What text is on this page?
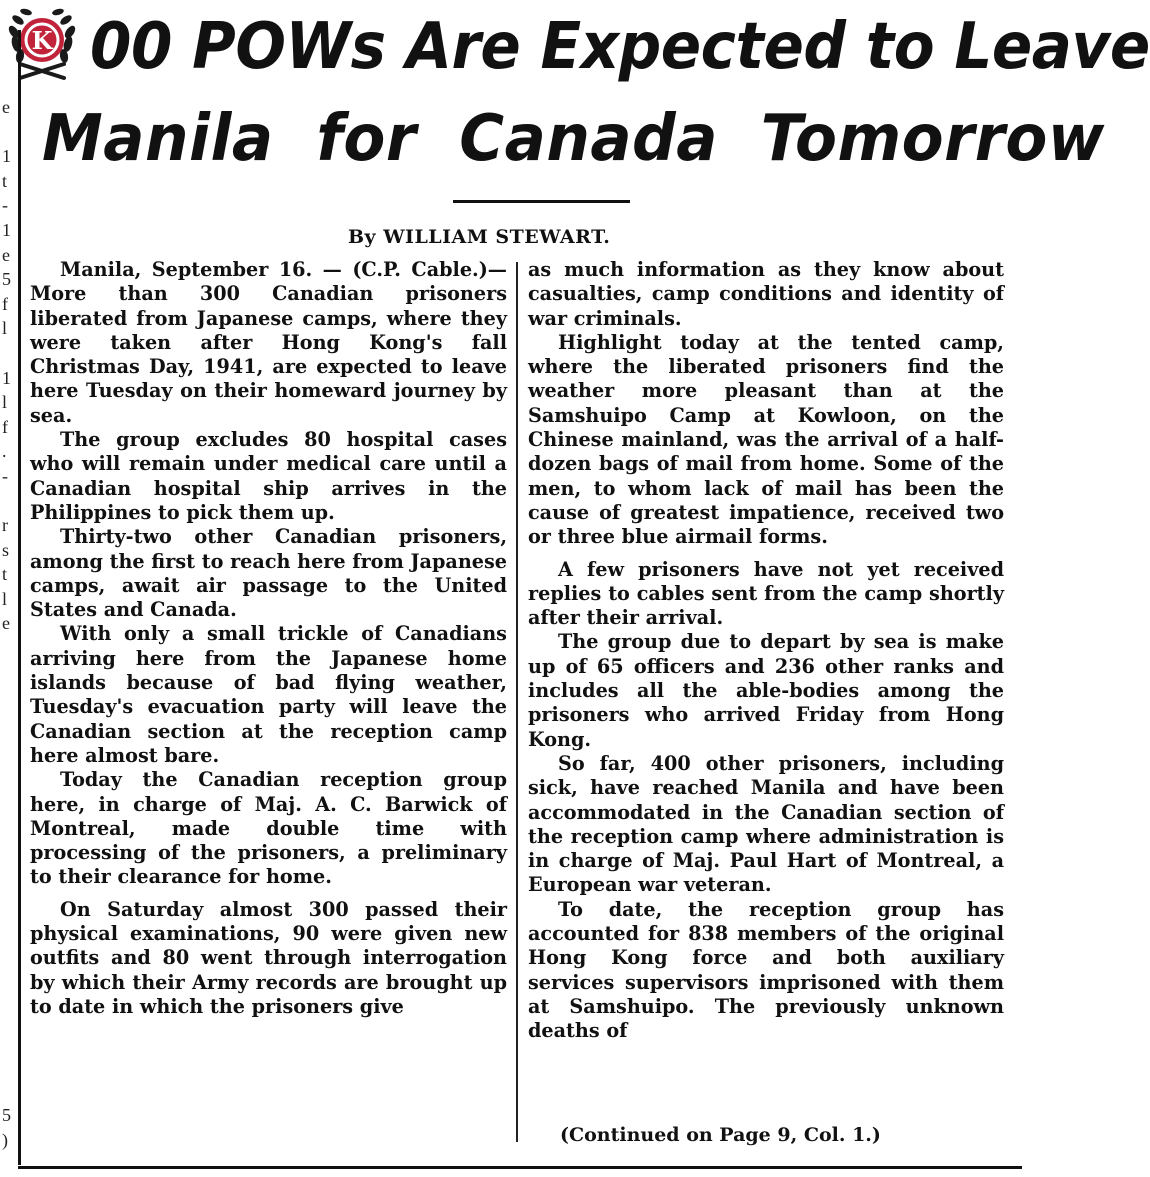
K
e
1
t
-
1
e
5
f
l
1
l
f
.
-
r
s
t
l
e
5
)
00 POWs Are Expected to Leave
Manila for Canada Tomorrow
By WILLIAM STEWART.

Manila, September 16. — (C.P. Cable.)—More than 300 Canadian prisoners liberated from Japanese camps, where they were taken after Hong Kong's fall Christmas Day, 1941, are expected to leave here Tuesday on their homeward journey by sea.

The group excludes 80 hospital cases who will remain under medical care until a Canadian hospital ship arrives in the Philippines to pick them up.

Thirty-two other Canadian prisoners, among the first to reach here from Japanese camps, await air passage to the United States and Canada.

With only a small trickle of Canadians arriving here from the Japanese home islands because of bad flying weather, Tuesday's evacuation party will leave the Canadian section at the reception camp here almost bare.

Today the Canadian reception group here, in charge of Maj. A. C. Barwick of Montreal, made double time with processing of the prisoners, a preliminary to their clearance for home.

On Saturday almost 300 passed their physical examinations, 90 were given new outfits and 80 went through interrogation by which their Army records are brought up to date in which the prisoners give

as much information as they know about casualties, camp conditions and identity of war criminals.

Highlight today at the tented camp, where the liberated prisoners find the weather more pleasant than at the Samshuipo Camp at Kowloon, on the Chinese mainland, was the arrival of a half-dozen bags of mail from home. Some of the men, to whom lack of mail has been the cause of greatest impatience, received two or three blue airmail forms.

A few prisoners have not yet received replies to cables sent from the camp shortly after their arrival.

The group due to depart by sea is make up of 65 officers and 236 other ranks and includes all the able-bodies among the prisoners who arrived Friday from Hong Kong.

So far, 400 other prisoners, including sick, have reached Manila and have been accommodated in the Canadian section of the reception camp where administration is in charge of Maj. Paul Hart of Montreal, a European war veteran.

To date, the reception group has accounted for 838 members of the original Hong Kong force and both auxiliary services supervisors imprisoned with them at Samshuipo. The previously unknown deaths of

(Continued on Page 9, Col. 1.)
